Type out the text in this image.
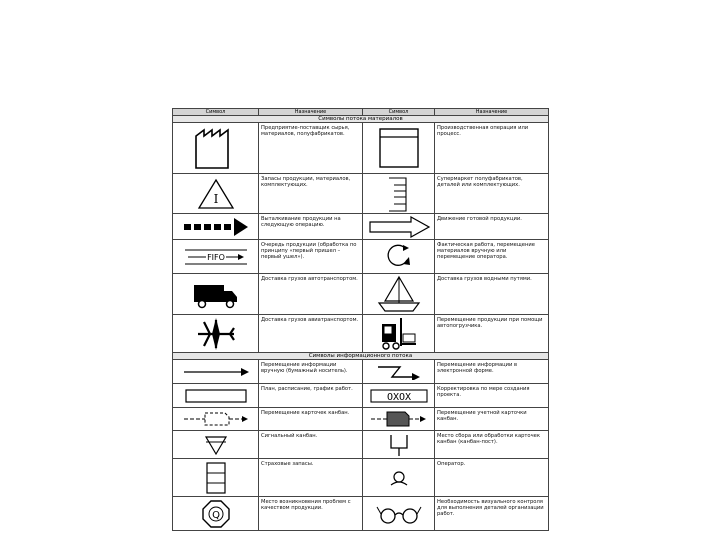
Символ	Назначение	Символ	Назначение
Символы потока материалов			

	Предприятие-поставщик сырья, материалов, полуфабрикатов.		Производственная операция или процесс.

I	Запасы продукции, материалов, комплектующих.		Супермаркет полуфабрикатов, деталей или комплектующих.

	Выталкивание продукции на следующую операцию.		Движение готовой продукции.

FIFO	Очередь продукции (обработка по принципу «первый пришел – первый ушел»).		Фактическая работа, перемещение материалов вручную или перемещение оператора.

	Доставка грузов автотранспортом.		Доставка грузов водными путями.

	Доставка грузов авиатранспортом.		Перемещение продукции при помощи автопогрузчика.
Символы информационного потока			

	Перемещение информации вручную (бумажный носитель).		Перемещение информации в электронной форме.

	План, расписание, график работ.	OXOX	Корректировка по мере создания проекта.

	Перемещение карточек канбан.		Перемещение учетной карточки канбан.

	Сигнальный канбан.		Место сбора или обработки карточек канбан (канбан-пост).

	Страховые запасы.		Оператор.

Q	Место возникновения проблем с качеством продукции.		Необходимость визуального контроля для выполнения деталей организации работ.
